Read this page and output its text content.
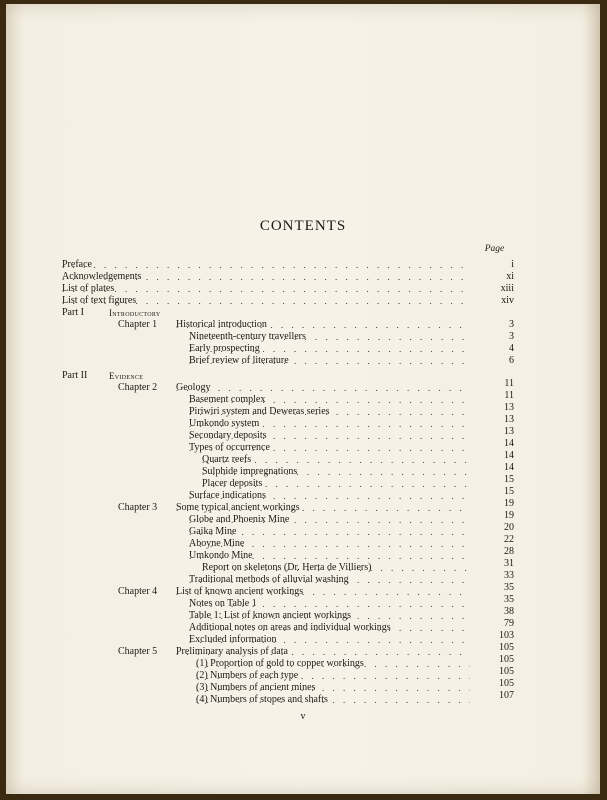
CONTENTS
Page
. . .
Preface	i
. . .
Acknowledgements	xi
. . .
List of plates	xiii
. . .
List of text figures	xiv
Part I	Introductory
Chapter 1 . . .	Historical introduction	3
. . .
Nineteenth-century travellers	3
. . .
Early prospecting	4
. . .
Brief review of literature	6
Part II	Evidence
Chapter 2 . . .	Geology	11
. . .
Basement complex	11
. . .
Piriwiri system and Deweras series	13
. . .
Umkondo system	13
. . .
Secondary deposits	13
. . .
Types of occurrence	14
. . .
Quartz reefs	14
. . .
Sulphide impregnations	14
. . .
Placer deposits	15
. . .
Surface indications	15
Chapter 3 . . .	Some typical ancient workings	19
. . .
Globe and Phoenix Mine	19
. . .
Gaika Mine	20
. . .
Aboyne Mine	22
. . .
Umkondo Mine	28
. . .
Report on skeletons (Dr. Herta de Villiers)	31
. . .
Traditional methods of alluvial washing	33
Chapter 4 . . .	List of known ancient workings	35
. . .
Notes on Table 1	35
. . .
Table 1: List of known ancient workings	38
. . .
Additional notes on areas and individual workings	79
. . .
Excluded information	103
Chapter 5 . . .	Preliminary analysis of data	105
. . .
(1) Proportion of gold to copper workings	105
. . .
(2) Numbers of each type	105
. . .
(3) Numbers of ancient mines	105
. . .
(4) Numbers of stopes and shafts	107
v
